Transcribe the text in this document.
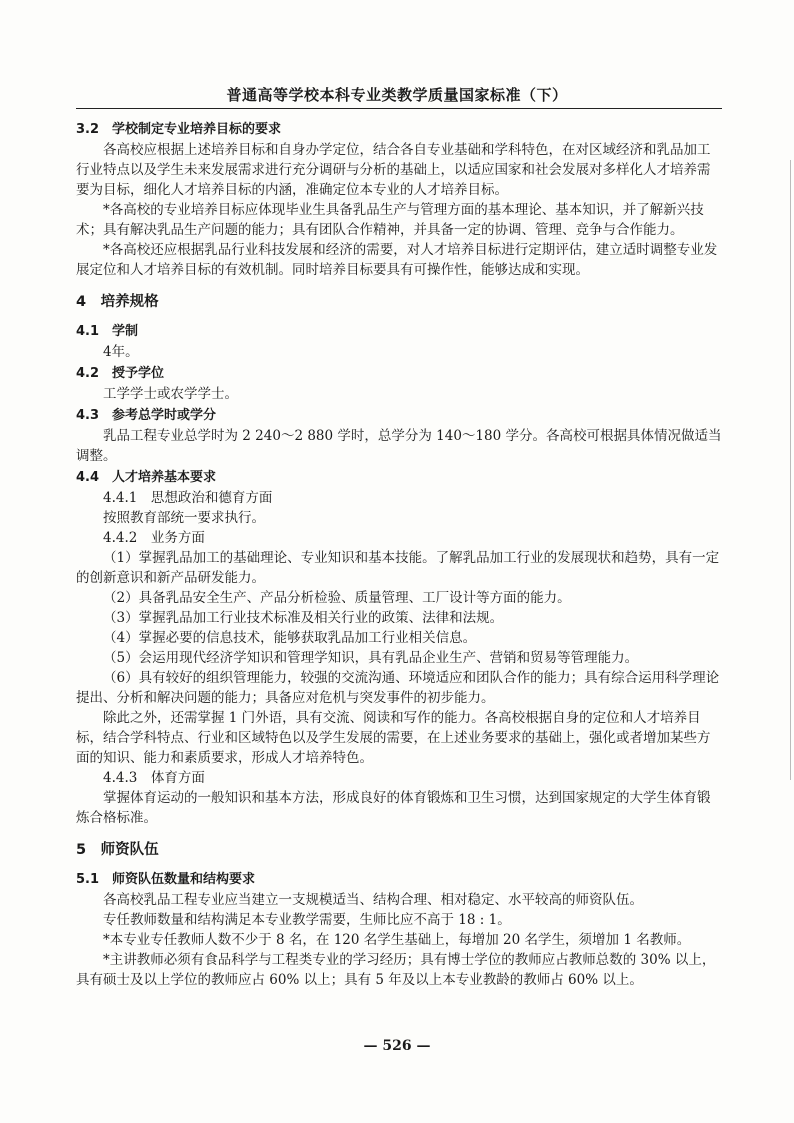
普通高等学校本科专业类教学质量国家标准（下）
3.2　学校制定专业培养目标的要求

各高校应根据上述培养目标和自身办学定位，结合各自专业基础和学科特色，在对区域经济和乳品加工行业特点以及学生未来发展需求进行充分调研与分析的基础上，以适应国家和社会发展对多样化人才培养需要为目标，细化人才培养目标的内涵，准确定位本专业的人才培养目标。

*各高校的专业培养目标应体现毕业生具备乳品生产与管理方面的基本理论、基本知识，并了解新兴技术；具有解决乳品生产问题的能力；具有团队合作精神，并具备一定的协调、管理、竞争与合作能力。

*各高校还应根据乳品行业科技发展和经济的需要，对人才培养目标进行定期评估，建立适时调整专业发展定位和人才培养目标的有效机制。同时培养目标要具有可操作性，能够达成和实现。

4　培养规格
4.1　学制

4年。

4.2　授予学位

工学学士或农学学士。

4.3　参考总学时或学分

乳品工程专业总学时为 2 240～2 880 学时，总学分为 140～180 学分。各高校可根据具体情况做适当调整。

4.4　人才培养基本要求
4.4.1　思想政治和德育方面

按照教育部统一要求执行。

4.4.2　业务方面

（1）掌握乳品加工的基础理论、专业知识和基本技能。了解乳品加工行业的发展现状和趋势，具有一定的创新意识和新产品研发能力。

（2）具备乳品安全生产、产品分析检验、质量管理、工厂设计等方面的能力。

（3）掌握乳品加工行业技术标准及相关行业的政策、法律和法规。

（4）掌握必要的信息技术，能够获取乳品加工行业相关信息。

（5）会运用现代经济学知识和管理学知识，具有乳品企业生产、营销和贸易等管理能力。

（6）具有较好的组织管理能力，较强的交流沟通、环境适应和团队合作的能力；具有综合运用科学理论提出、分析和解决问题的能力；具备应对危机与突发事件的初步能力。

除此之外，还需掌握 1 门外语，具有交流、阅读和写作的能力。各高校根据自身的定位和人才培养目标，结合学科特点、行业和区域特色以及学生发展的需要，在上述业务要求的基础上，强化或者增加某些方面的知识、能力和素质要求，形成人才培养特色。

4.4.3　体育方面

掌握体育运动的一般知识和基本方法，形成良好的体育锻炼和卫生习惯，达到国家规定的大学生体育锻炼合格标准。

5　师资队伍
5.1　师资队伍数量和结构要求

各高校乳品工程专业应当建立一支规模适当、结构合理、相对稳定、水平较高的师资队伍。

专任教师数量和结构满足本专业教学需要，生师比应不高于 18 : 1。

*本专业专任教师人数不少于 8 名，在 120 名学生基础上，每增加 20 名学生，须增加 1 名教师。

*主讲教师必须有食品科学与工程类专业的学习经历；具有博士学位的教师应占教师总数的 30% 以上，具有硕士及以上学位的教师应占 60% 以上；具有 5 年及以上本专业教龄的教师占 60% 以上。

— 526 —
